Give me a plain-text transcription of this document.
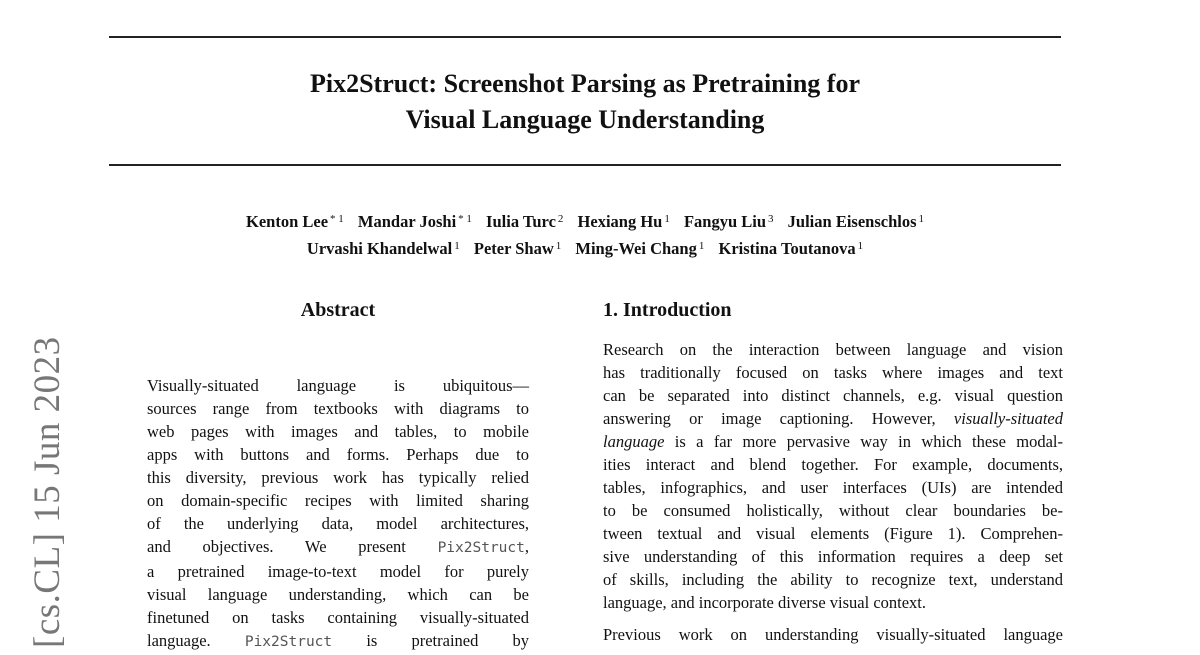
Pix2Struct: Screenshot Parsing as Pretraining for
Visual Language Understanding
Kenton Lee $^{* 1}$ Mandar Joshi $^{* 1}$ Iulia Turc $^2$ Hexiang Hu $^1$ Fangyu Liu $^3$ Julian Eisenschlos $^1$
Urvashi Khandelwal $^1$ Peter Shaw $^1$ Ming-Wei Chang $^1$ Kristina Toutanova $^1$
[cs.CL] 15 Jun 2023
Abstract
Visually-situated language is ubiquitous—
sources range from textbooks with diagrams to
web pages with images and tables, to mobile
apps with buttons and forms. Perhaps due to
this diversity, previous work has typically relied
on domain-specific recipes with limited sharing
of the underlying data, model architectures,
and objectives. We present Pix2Struct,
a pretrained image-to-text model for purely
visual language understanding, which can be
finetuned on tasks containing visually-situated
language. Pix2Struct is pretrained by
1. Introduction

Research on the interaction between language and vision
has traditionally focused on tasks where images and text
can be separated into distinct channels, e.g. visual question
answering or image captioning. However, visually-situated
language is a far more pervasive way in which these modal-
ities interact and blend together. For example, documents,
tables, infographics, and user interfaces (UIs) are intended
to be consumed holistically, without clear boundaries be-
tween textual and visual elements (Figure 1). Comprehen-
sive understanding of this information requires a deep set
of skills, including the ability to recognize text, understand
language, and incorporate diverse visual context.

Previous work on understanding visually-situated language
